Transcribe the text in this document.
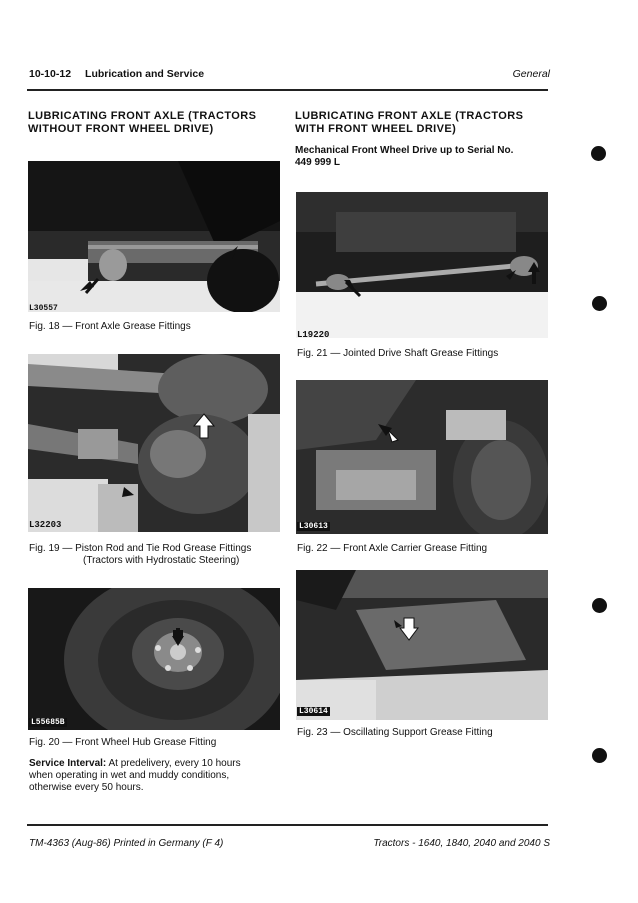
10-10-12 Lubrication and Service	General
LUBRICATING FRONT AXLE (TRACTORS
WITHOUT FRONT WHEEL DRIVE)
L30557
Fig. 18 — Front Axle Grease Fittings
L32203
Fig. 19 — Piston Rod and Tie Rod Grease Fittings
(Tractors with Hydrostatic Steering)
L55685B
Fig. 20 — Front Wheel Hub Grease Fitting
Service Interval: At predelivery, every 10 hours
when operating in wet and muddy conditions,
otherwise every 50 hours.
LUBRICATING FRONT AXLE (TRACTORS
WITH FRONT WHEEL DRIVE)
Mechanical Front Wheel Drive up to Serial No.
449 999 L
L19220
Fig. 21 — Jointed Drive Shaft Grease Fittings
L30613
Fig. 22 — Front Axle Carrier Grease Fitting
L30614
Fig. 23 — Oscillating Support Grease Fitting
TM-4363 (Aug-86) Printed in Germany (F 4)	Tractors - 1640, 1840, 2040 and 2040 S
